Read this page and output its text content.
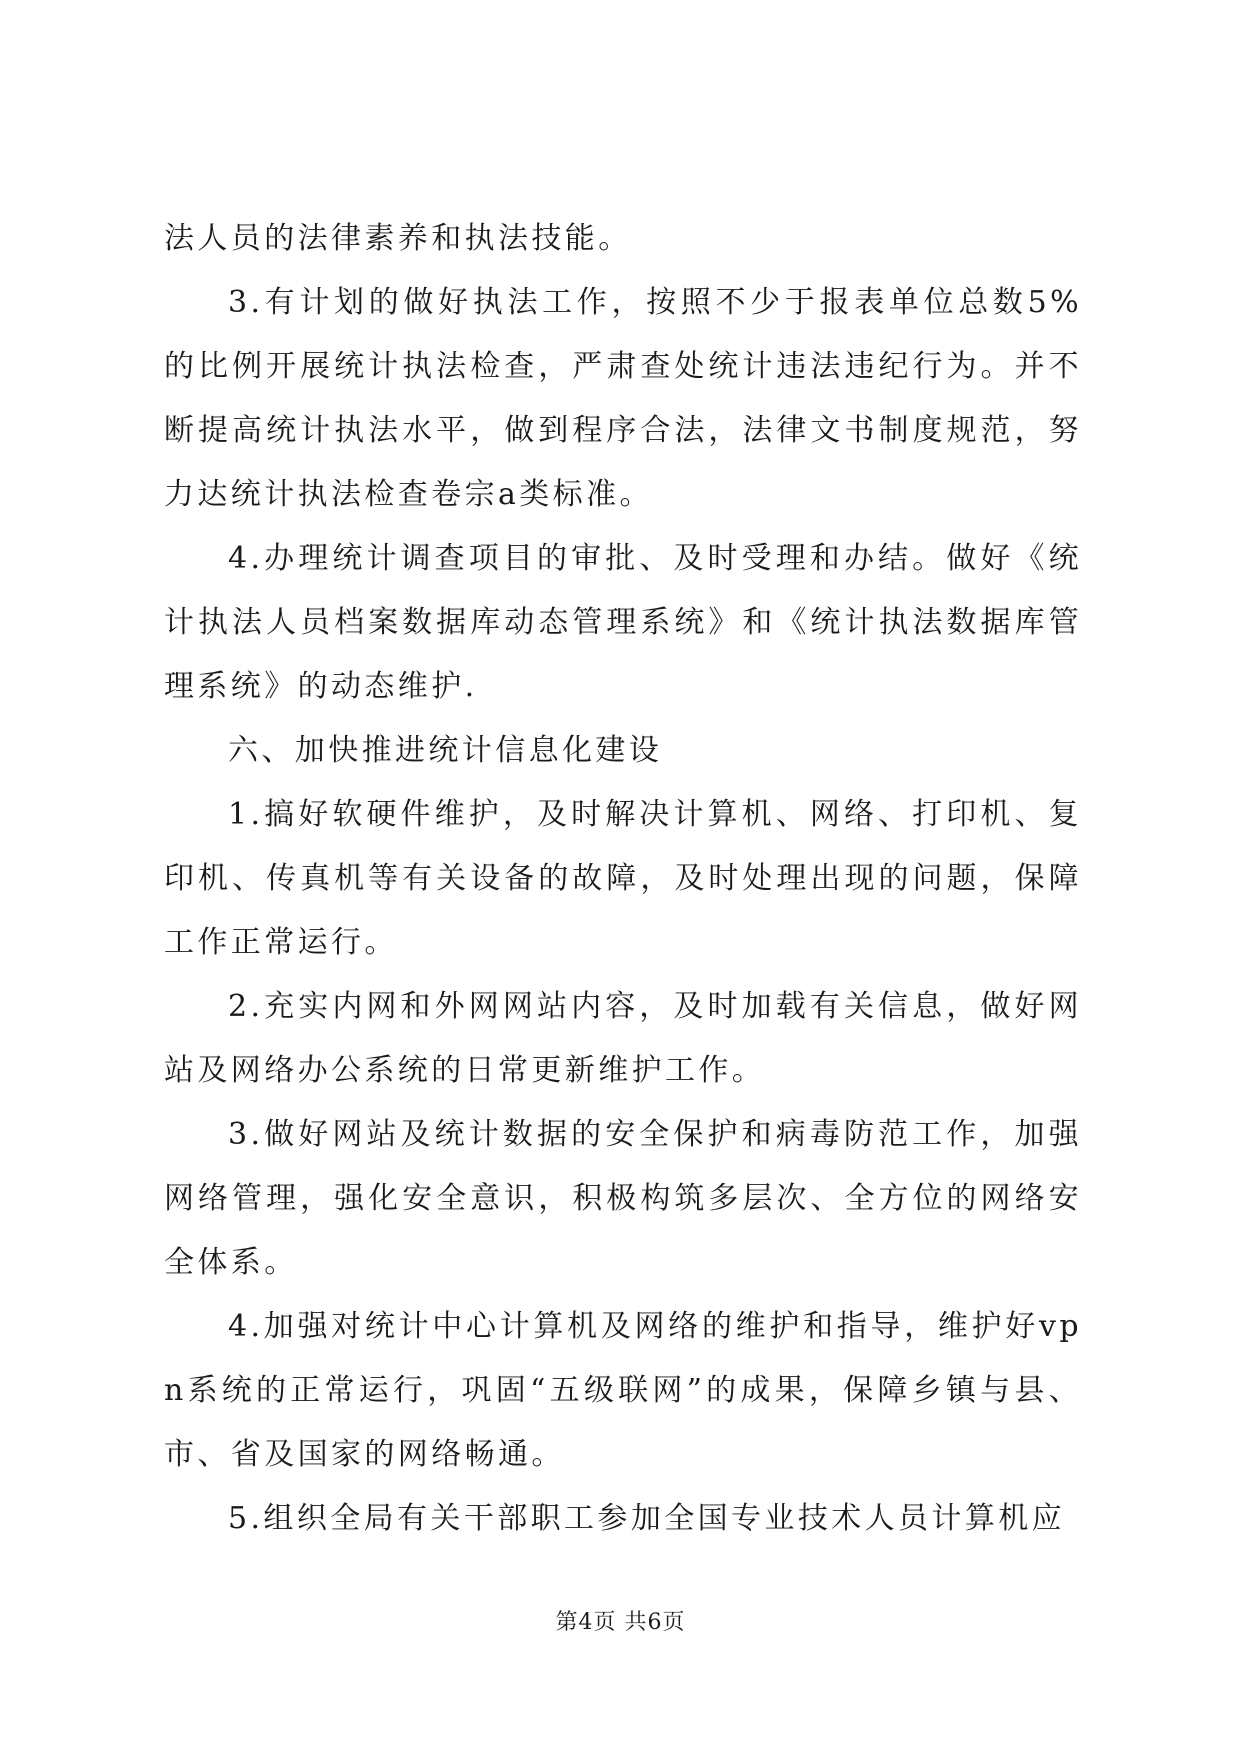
法人员的法律素养和执法技能。

3.有计划的做好执法工作，按照不少于报表单位总数5%的比例开展统计执法检查，严肃查处统计违法违纪行为。并不断提高统计执法水平，做到程序合法，法律文书制度规范，努力达统计执法检查卷宗a类标准。

4.办理统计调查项目的审批、及时受理和办结。做好《统计执法人员档案数据库动态管理系统》和《统计执法数据库管理系统》的动态维护.

六、加快推进统计信息化建设

1.搞好软硬件维护，及时解决计算机、网络、打印机、复印机、传真机等有关设备的故障，及时处理出现的问题，保障工作正常运行。

2.充实内网和外网网站内容，及时加载有关信息，做好网站及网络办公系统的日常更新维护工作。

3.做好网站及统计数据的安全保护和病毒防范工作，加强网络管理，强化安全意识，积极构筑多层次、全方位的网络安全体系。

4.加强对统计中心计算机及网络的维护和指导，维护好vpn系统的正常运行，巩固“五级联网”的成果，保障乡镇与县、市、省及国家的网络畅通。

5.组织全局有关干部职工参加全国专业技术人员计算机应

第4页 共6页
